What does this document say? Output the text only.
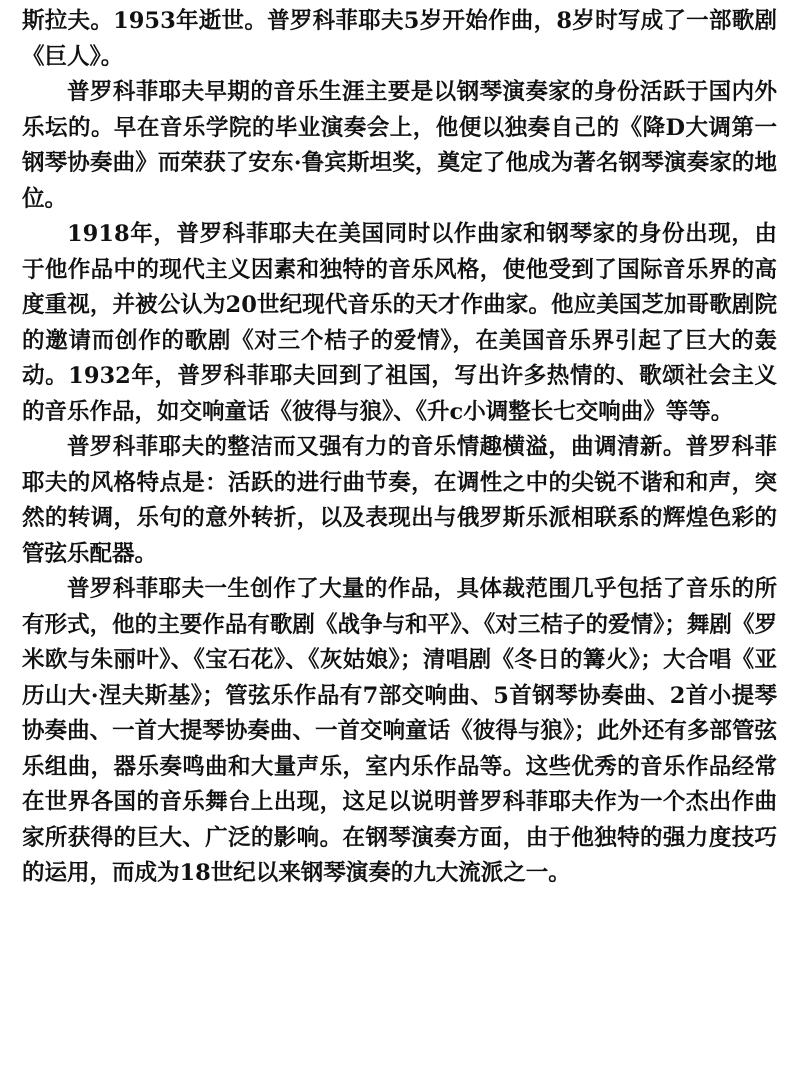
斯拉夫。1953年逝世。普罗科菲耶夫5岁开始作曲，8岁时写成了一部歌剧《巨人》。

普罗科菲耶夫早期的音乐生涯主要是以钢琴演奏家的身份活跃于国内外乐坛的。早在音乐学院的毕业演奏会上，他便以独奏自己的《降D大调第一钢琴协奏曲》而荣获了安东·鲁宾斯坦奖，奠定了他成为著名钢琴演奏家的地位。

1918年，普罗科菲耶夫在美国同时以作曲家和钢琴家的身份出现，由于他作品中的现代主义因素和独特的音乐风格，使他受到了国际音乐界的高度重视，并被公认为20世纪现代音乐的天才作曲家。他应美国芝加哥歌剧院的邀请而创作的歌剧《对三个桔子的爱情》，在美国音乐界引起了巨大的轰动。1932年，普罗科菲耶夫回到了祖国，写出许多热情的、歌颂社会主义的音乐作品，如交响童话《彼得与狼》、《升c小调整长七交响曲》等等。

普罗科菲耶夫的整洁而又强有力的音乐情趣横溢，曲调清新。普罗科菲耶夫的风格特点是：活跃的进行曲节奏，在调性之中的尖锐不谐和和声，突然的转调，乐句的意外转折，以及表现出与俄罗斯乐派相联系的辉煌色彩的管弦乐配器。

普罗科菲耶夫一生创作了大量的作品，具体裁范围几乎包括了音乐的所有形式，他的主要作品有歌剧《战争与和平》、《对三桔子的爱情》；舞剧《罗米欧与朱丽叶》、《宝石花》、《灰姑娘》；清唱剧《冬日的篝火》；大合唱《亚历山大·涅夫斯基》；管弦乐作品有7部交响曲、5首钢琴协奏曲、2首小提琴协奏曲、一首大提琴协奏曲、一首交响童话《彼得与狼》；此外还有多部管弦乐组曲，器乐奏鸣曲和大量声乐，室内乐作品等。这些优秀的音乐作品经常在世界各国的音乐舞台上出现，这足以说明普罗科菲耶夫作为一个杰出作曲家所获得的巨大、广泛的影响。在钢琴演奏方面，由于他独特的强力度技巧的运用，而成为18世纪以来钢琴演奏的九大流派之一。
